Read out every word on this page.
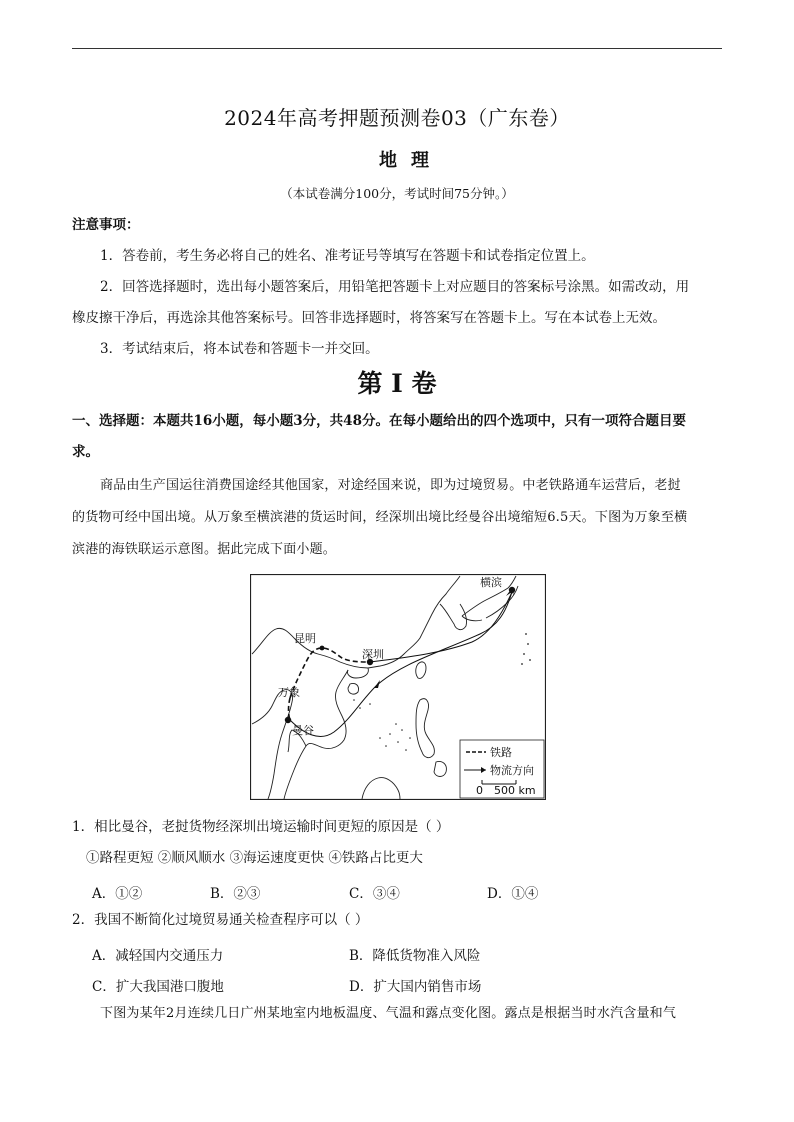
2024年高考押题预测卷03（广东卷）
地理
（本试卷满分100分，考试时间75分钟。）
注意事项：
1．答卷前，考生务必将自己的姓名、准考证号等填写在答题卡和试卷指定位置上。
2．回答选择题时，选出每小题答案后，用铅笔把答题卡上对应题目的答案标号涂黑。如需改动，用
橡皮擦干净后，再选涂其他答案标号。回答非选择题时，将答案写在答题卡上。写在本试卷上无效。
3．考试结束后，将本试卷和答题卡一并交回。
第 I 卷
一、选择题：本题共16小题，每小题3分，共48分。在每小题给出的四个选项中，只有一项符合题目要
求。
商品由生产国运往消费国途经其他国家，对途经国来说，即为过境贸易。中老铁路通车运营后，老挝
的货物可经中国出境。从万象至横滨港的货运时间，经深圳出境比经曼谷出境缩短6.5天。下图为万象至横
滨港的海铁联运示意图。据此完成下面小题。
昆明
深圳
横滨
万象
曼谷
铁路
物流方向
0 500 km
1．相比曼谷，老挝货物经深圳出境运输时间更短的原因是（ ）
①路程更短 ②顺风顺水 ③海运速度更快 ④铁路占比更大
A．①②	B．②③	C．③④	D．①④
2．我国不断简化过境贸易通关检查程序可以（ ）
A．减轻国内交通压力	B．降低货物准入风险
C．扩大我国港口腹地	D．扩大国内销售市场
下图为某年2月连续几日广州某地室内地板温度、气温和露点变化图。露点是根据当时水汽含量和气
